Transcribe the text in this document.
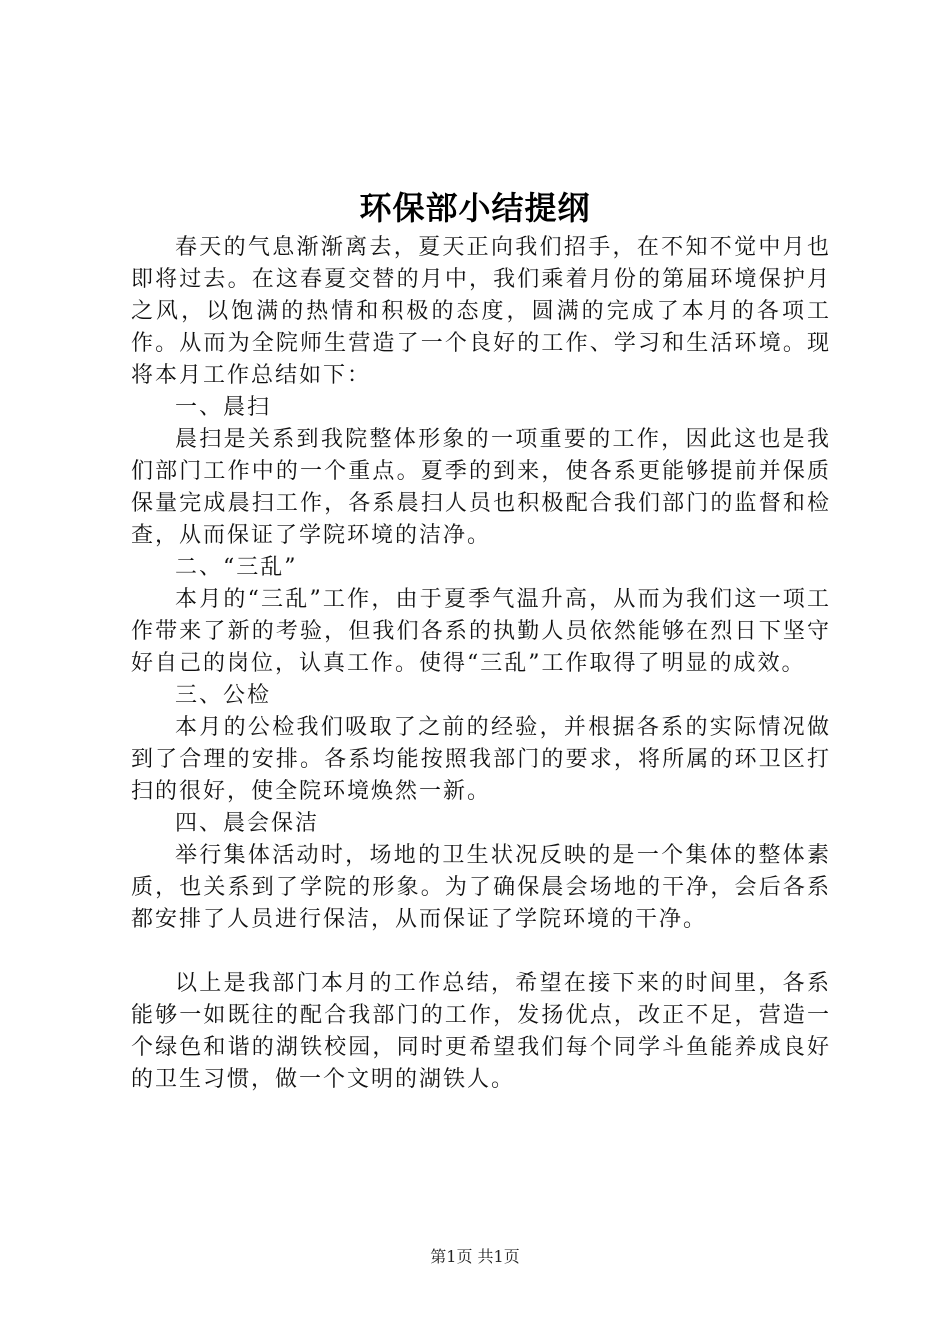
环保部小结提纲

春天的气息渐渐离去，夏天正向我们招手，在不知不觉中月也即将过去。在这春夏交替的月中，我们乘着月份的第届环境保护月之风，以饱满的热情和积极的态度，圆满的完成了本月的各项工作。从而为全院师生营造了一个良好的工作、学习和生活环境。现将本月工作总结如下：

一、晨扫

晨扫是关系到我院整体形象的一项重要的工作，因此这也是我们部门工作中的一个重点。夏季的到来，使各系更能够提前并保质保量完成晨扫工作，各系晨扫人员也积极配合我们部门的监督和检查，从而保证了学院环境的洁净。

二、“三乱”

本月的“三乱”工作，由于夏季气温升高，从而为我们这一项工作带来了新的考验，但我们各系的执勤人员依然能够在烈日下坚守好自己的岗位，认真工作。使得“三乱”工作取得了明显的成效。

三、公检

本月的公检我们吸取了之前的经验，并根据各系的实际情况做到了合理的安排。各系均能按照我部门的要求，将所属的环卫区打扫的很好，使全院环境焕然一新。

四、晨会保洁

举行集体活动时，场地的卫生状况反映的是一个集体的整体素质，也关系到了学院的形象。为了确保晨会场地的干净，会后各系都安排了人员进行保洁，从而保证了学院环境的干净。

以上是我部门本月的工作总结，希望在接下来的时间里，各系能够一如既往的配合我部门的工作，发扬优点，改正不足，营造一个绿色和谐的湖铁校园，同时更希望我们每个同学斗鱼能养成良好的卫生习惯，做一个文明的湖铁人。

第1页 共1页
